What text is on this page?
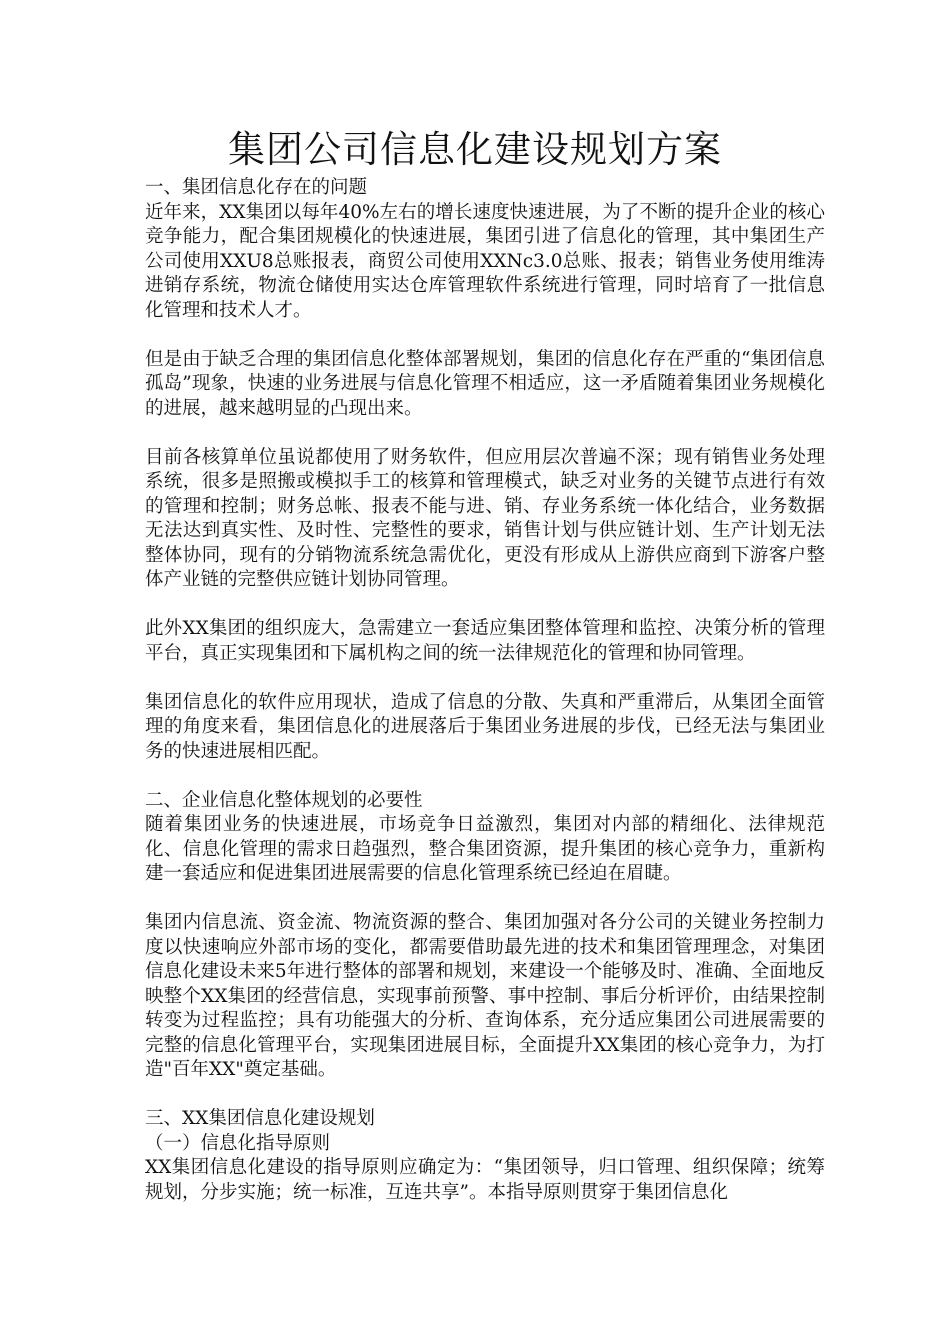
集团公司信息化建设规划方案

一、集团信息化存在的问题

近年来，XX集团以每年40%左右的增长速度快速进展，为了不断的提升企业的核心竞争能力，配合集团规模化的快速进展，集团引进了信息化的管理，其中集团生产公司使用XXU8总账报表，商贸公司使用XXNc3.0总账、报表；销售业务使用维涛进销存系统，物流仓储使用实达仓库管理软件系统进行管理，同时培育了一批信息化管理和技术人才。

但是由于缺乏合理的集团信息化整体部署规划，集团的信息化存在严重的“集团信息孤岛”现象，快速的业务进展与信息化管理不相适应，这一矛盾随着集团业务规模化的进展，越来越明显的凸现出来。

目前各核算单位虽说都使用了财务软件，但应用层次普遍不深；现有销售业务处理系统，很多是照搬或模拟手工的核算和管理模式，缺乏对业务的关键节点进行有效的管理和控制；财务总帐、报表不能与进、销、存业务系统一体化结合，业务数据无法达到真实性、及时性、完整性的要求，销售计划与供应链计划、生产计划无法整体协同，现有的分销物流系统急需优化，更没有形成从上游供应商到下游客户整体产业链的完整供应链计划协同管理。

此外XX集团的组织庞大，急需建立一套适应集团整体管理和监控、决策分析的管理平台，真正实现集团和下属机构之间的统一法律规范化的管理和协同管理。

集团信息化的软件应用现状，造成了信息的分散、失真和严重滞后，从集团全面管理的角度来看，集团信息化的进展落后于集团业务进展的步伐，已经无法与集团业务的快速进展相匹配。

二、企业信息化整体规划的必要性

随着集团业务的快速进展，市场竞争日益激烈，集团对内部的精细化、法律规范化、信息化管理的需求日趋强烈，整合集团资源，提升集团的核心竞争力，重新构建一套适应和促进集团进展需要的信息化管理系统已经迫在眉睫。

集团内信息流、资金流、物流资源的整合、集团加强对各分公司的关键业务控制力度以快速响应外部市场的变化，都需要借助最先进的技术和集团管理理念，对集团信息化建设未来5年进行整体的部署和规划，来建设一个能够及时、准确、全面地反映整个XX集团的经营信息，实现事前预警、事中控制、事后分析评价，由结果控制转变为过程监控；具有功能强大的分析、查询体系，充分适应集团公司进展需要的完整的信息化管理平台，实现集团进展目标，全面提升XX集团的核心竞争力，为打造"百年XX"奠定基础。

三、XX集团信息化建设规划

（一）信息化指导原则

XX集团信息化建设的指导原则应确定为：“集团领导，归口管理、组织保障；统筹规划，分步实施；统一标准，互连共享”。本指导原则贯穿于集团信息化
